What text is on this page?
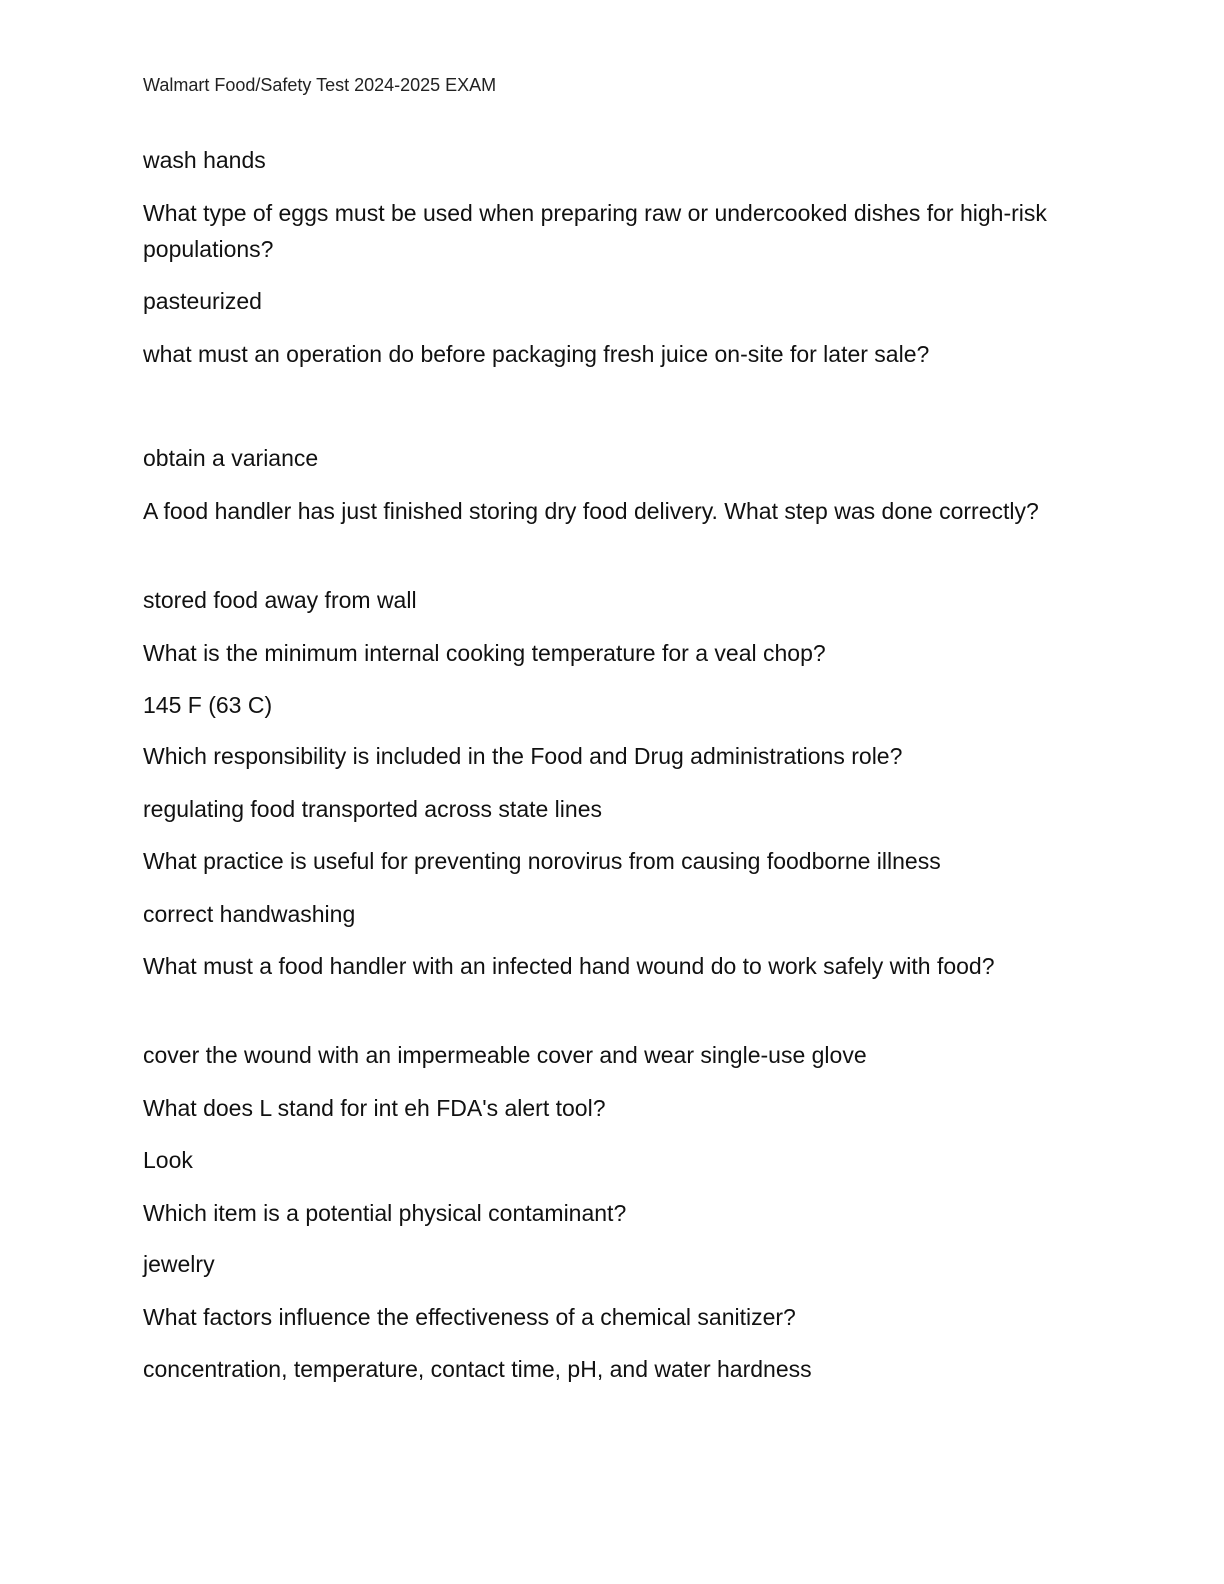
Walmart Food/Safety Test 2024-2025 EXAM
wash hands
What type of eggs must be used when preparing raw or undercooked dishes for high-risk populations?
pasteurized
what must an operation do before packaging fresh juice on-site for later sale?
obtain a variance
A food handler has just finished storing dry food delivery. What step was done correctly?
stored food away from wall
What is the minimum internal cooking temperature for a veal chop?
145 F (63 C)
Which responsibility is included in the Food and Drug administrations role?
regulating food transported across state lines
What practice is useful for preventing norovirus from causing foodborne illness
correct handwashing
What must a food handler with an infected hand wound do to work safely with food?
cover the wound with an impermeable cover and wear single-use glove
What does L stand for int eh FDA's alert tool?
Look
Which item is a potential physical contaminant?
jewelry
What factors influence the effectiveness of a chemical sanitizer?
concentration, temperature, contact time, pH, and water hardness
